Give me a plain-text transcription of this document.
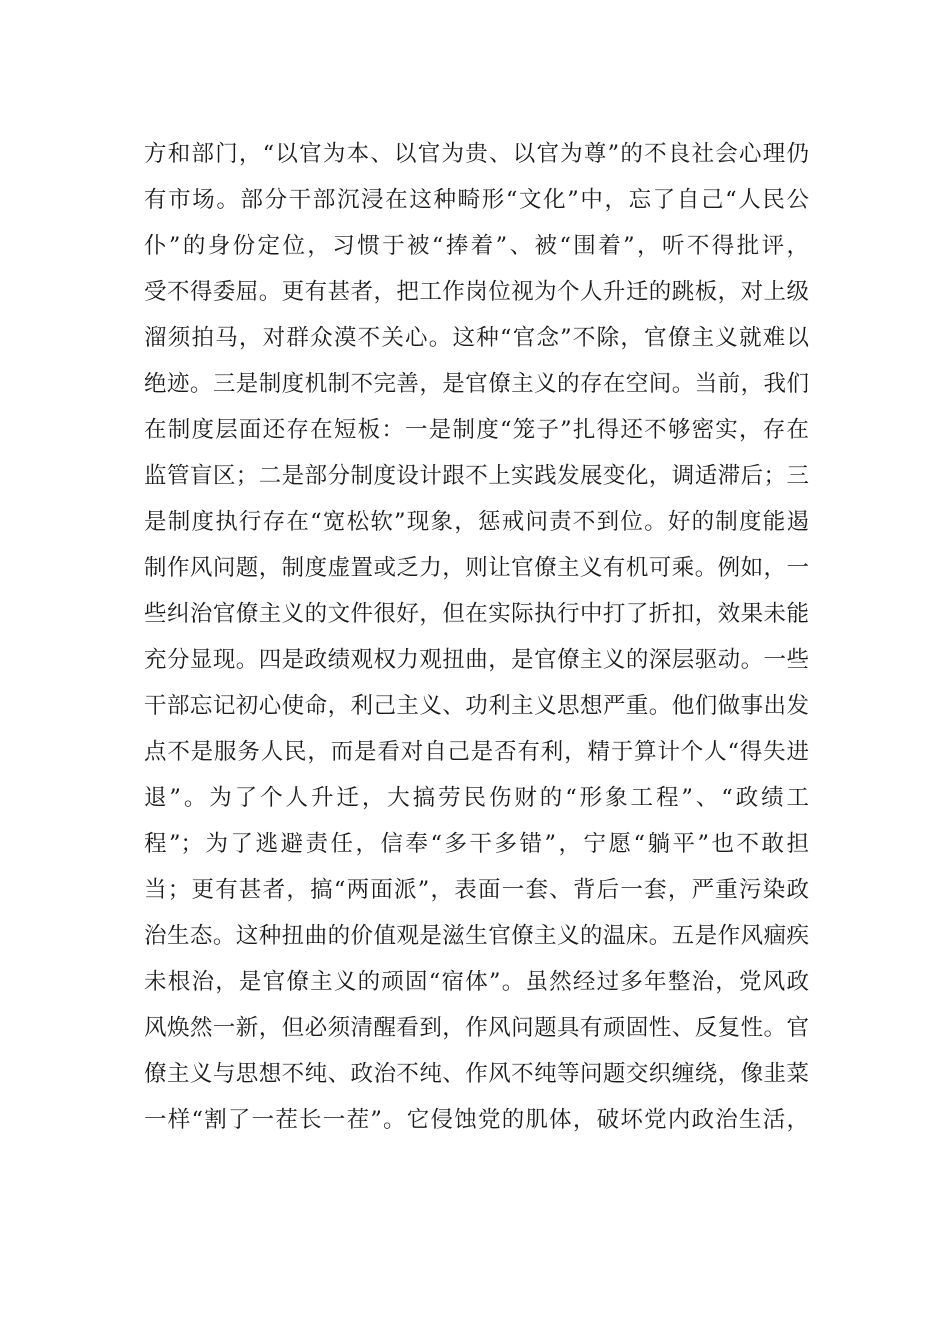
方和部门，“以官为本、以官为贵、以官为尊”的不良社会心理仍
有市场。部分干部沉浸在这种畸形“文化”中，忘了自己“人民公
仆”的身份定位，习惯于被“捧着”、被“围着”，听不得批评，
受不得委屈。更有甚者，把工作岗位视为个人升迁的跳板，对上级
溜须拍马，对群众漠不关心。这种“官念”不除，官僚主义就难以
绝迹。三是制度机制不完善，是官僚主义的存在空间。当前，我们
在制度层面还存在短板：一是制度“笼子”扎得还不够密实，存在
监管盲区；二是部分制度设计跟不上实践发展变化，调适滞后；三
是制度执行存在“宽松软”现象，惩戒问责不到位。好的制度能遏
制作风问题，制度虚置或乏力，则让官僚主义有机可乘。例如，一
些纠治官僚主义的文件很好，但在实际执行中打了折扣，效果未能
充分显现。四是政绩观权力观扭曲，是官僚主义的深层驱动。一些
干部忘记初心使命，利己主义、功利主义思想严重。他们做事出发
点不是服务人民，而是看对自己是否有利，精于算计个人“得失进
退”。为了个人升迁，大搞劳民伤财的“形象工程”、“政绩工
程”；为了逃避责任，信奉“多干多错”，宁愿“躺平”也不敢担
当；更有甚者，搞“两面派”，表面一套、背后一套，严重污染政
治生态。这种扭曲的价值观是滋生官僚主义的温床。五是作风痼疾
未根治，是官僚主义的顽固“宿体”。虽然经过多年整治，党风政
风焕然一新，但必须清醒看到，作风问题具有顽固性、反复性。官
僚主义与思想不纯、政治不纯、作风不纯等问题交织缠绕，像韭菜
一样“割了一茬长一茬”。它侵蚀党的肌体，破坏党内政治生活，
